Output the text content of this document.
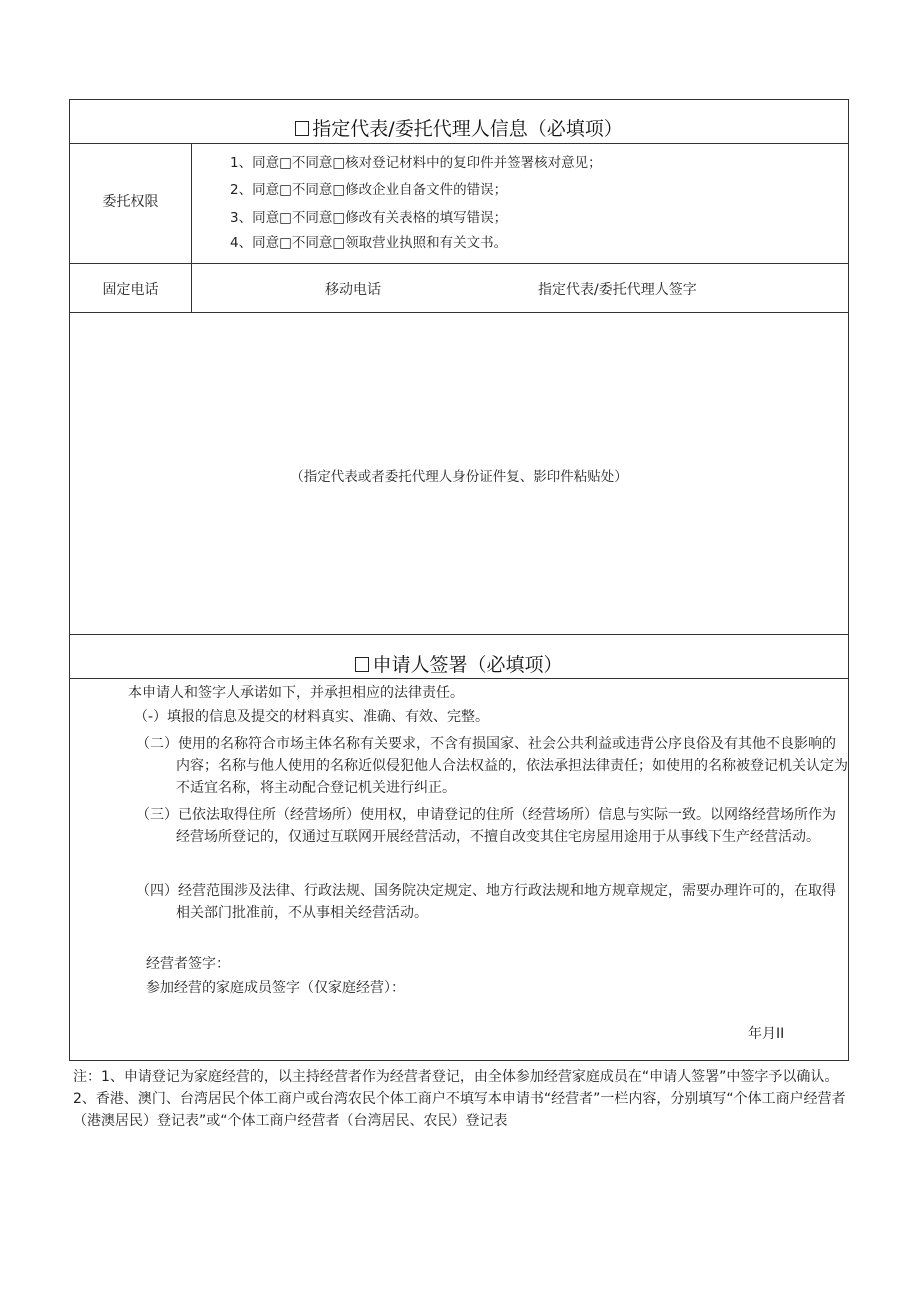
指定代表/委托代理人信息（必填项）
委托权限
1、同意□不同意□核对登记材料中的复印件并签署核对意见；
2、同意□不同意□修改企业自备文件的错误；
3、同意□不同意□修改有关表格的填写错误；
4、同意□不同意□领取营业执照和有关文书。
固定电话	移动电话	指定代表/委托代理人签字
（指定代表或者委托代理人身份证件复、影印件粘贴处）
申请人签署（必填项）
本申请人和签字人承诺如下，并承担相应的法律责任。
（-）填报的信息及提交的材料真实、准确、有效、完整。
（二）使用的名称符合市场主体名称有关要求，不含有损国家、社会公共利益或违背公序良俗及有其他不良影响的内容；名称与他人使用的名称近似侵犯他人合法权益的，依法承担法律责任；如使用的名称被登记机关认定为不适宜名称，将主动配合登记机关进行纠正。
（三）已依法取得住所（经营场所）使用权，申请登记的住所（经营场所）信息与实际一致。以网络经营场所作为经营场所登记的，仅通过互联网开展经营活动，不擅自改变其住宅房屋用途用于从事线下生产经营活动。
（四）经营范围涉及法律、行政法规、国务院决定规定、地方行政法规和地方规章规定，需要办理许可的，在取得相关部门批准前，不从事相关经营活动。
经营者签字：
参加经营的家庭成员签字（仅家庭经营）：
年月II

注：1、申请登记为家庭经营的，以主持经营者作为经营者登记，由全体参加经营家庭成员在“申请人签署”中签字予以确认。

2、香港、澳门、台湾居民个体工商户或台湾农民个体工商户不填写本申请书“经营者”一栏内容，分别填写“个体工商户经营者（港澳居民）登记表”或“个体工商户经营者（台湾居民、农民）登记表
